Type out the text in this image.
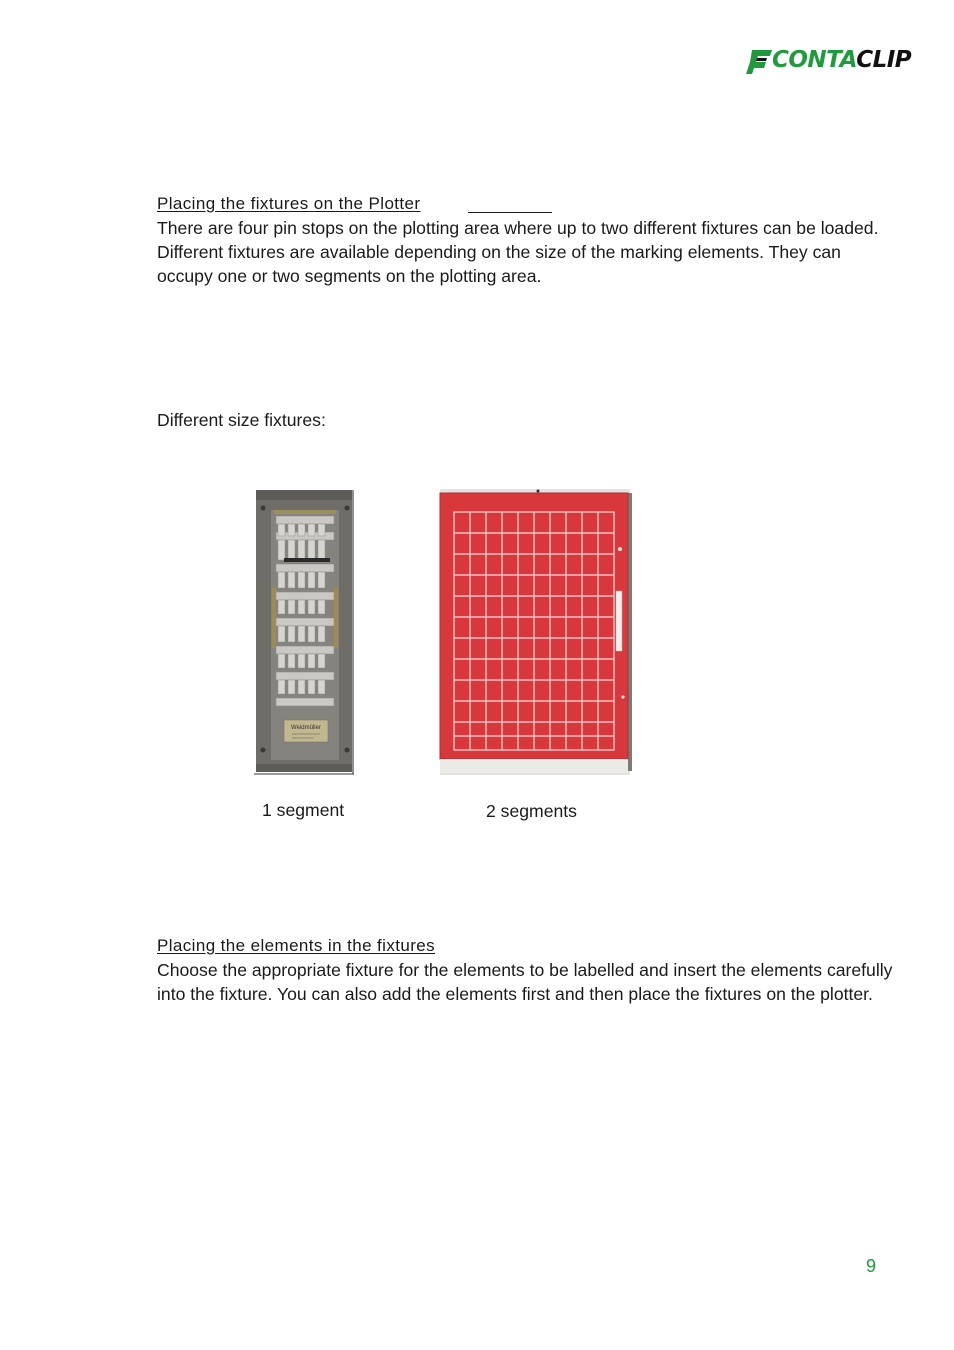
CONTACLIP
Placing the fixtures on the Plotter

There are four pin stops on the plotting area where up to two different fixtures can be loaded. Different fixtures are available depending on the size of the marking elements. They can occupy one or two segments on the plotting area.

Different size fixtures:

Weidmüller
1 segment	2 segments
Placing the elements in the fixtures

Choose the appropriate fixture for the elements to be labelled and insert the elements carefully into the fixture. You can also add the elements first and then place the fixtures on the plotter.

9
